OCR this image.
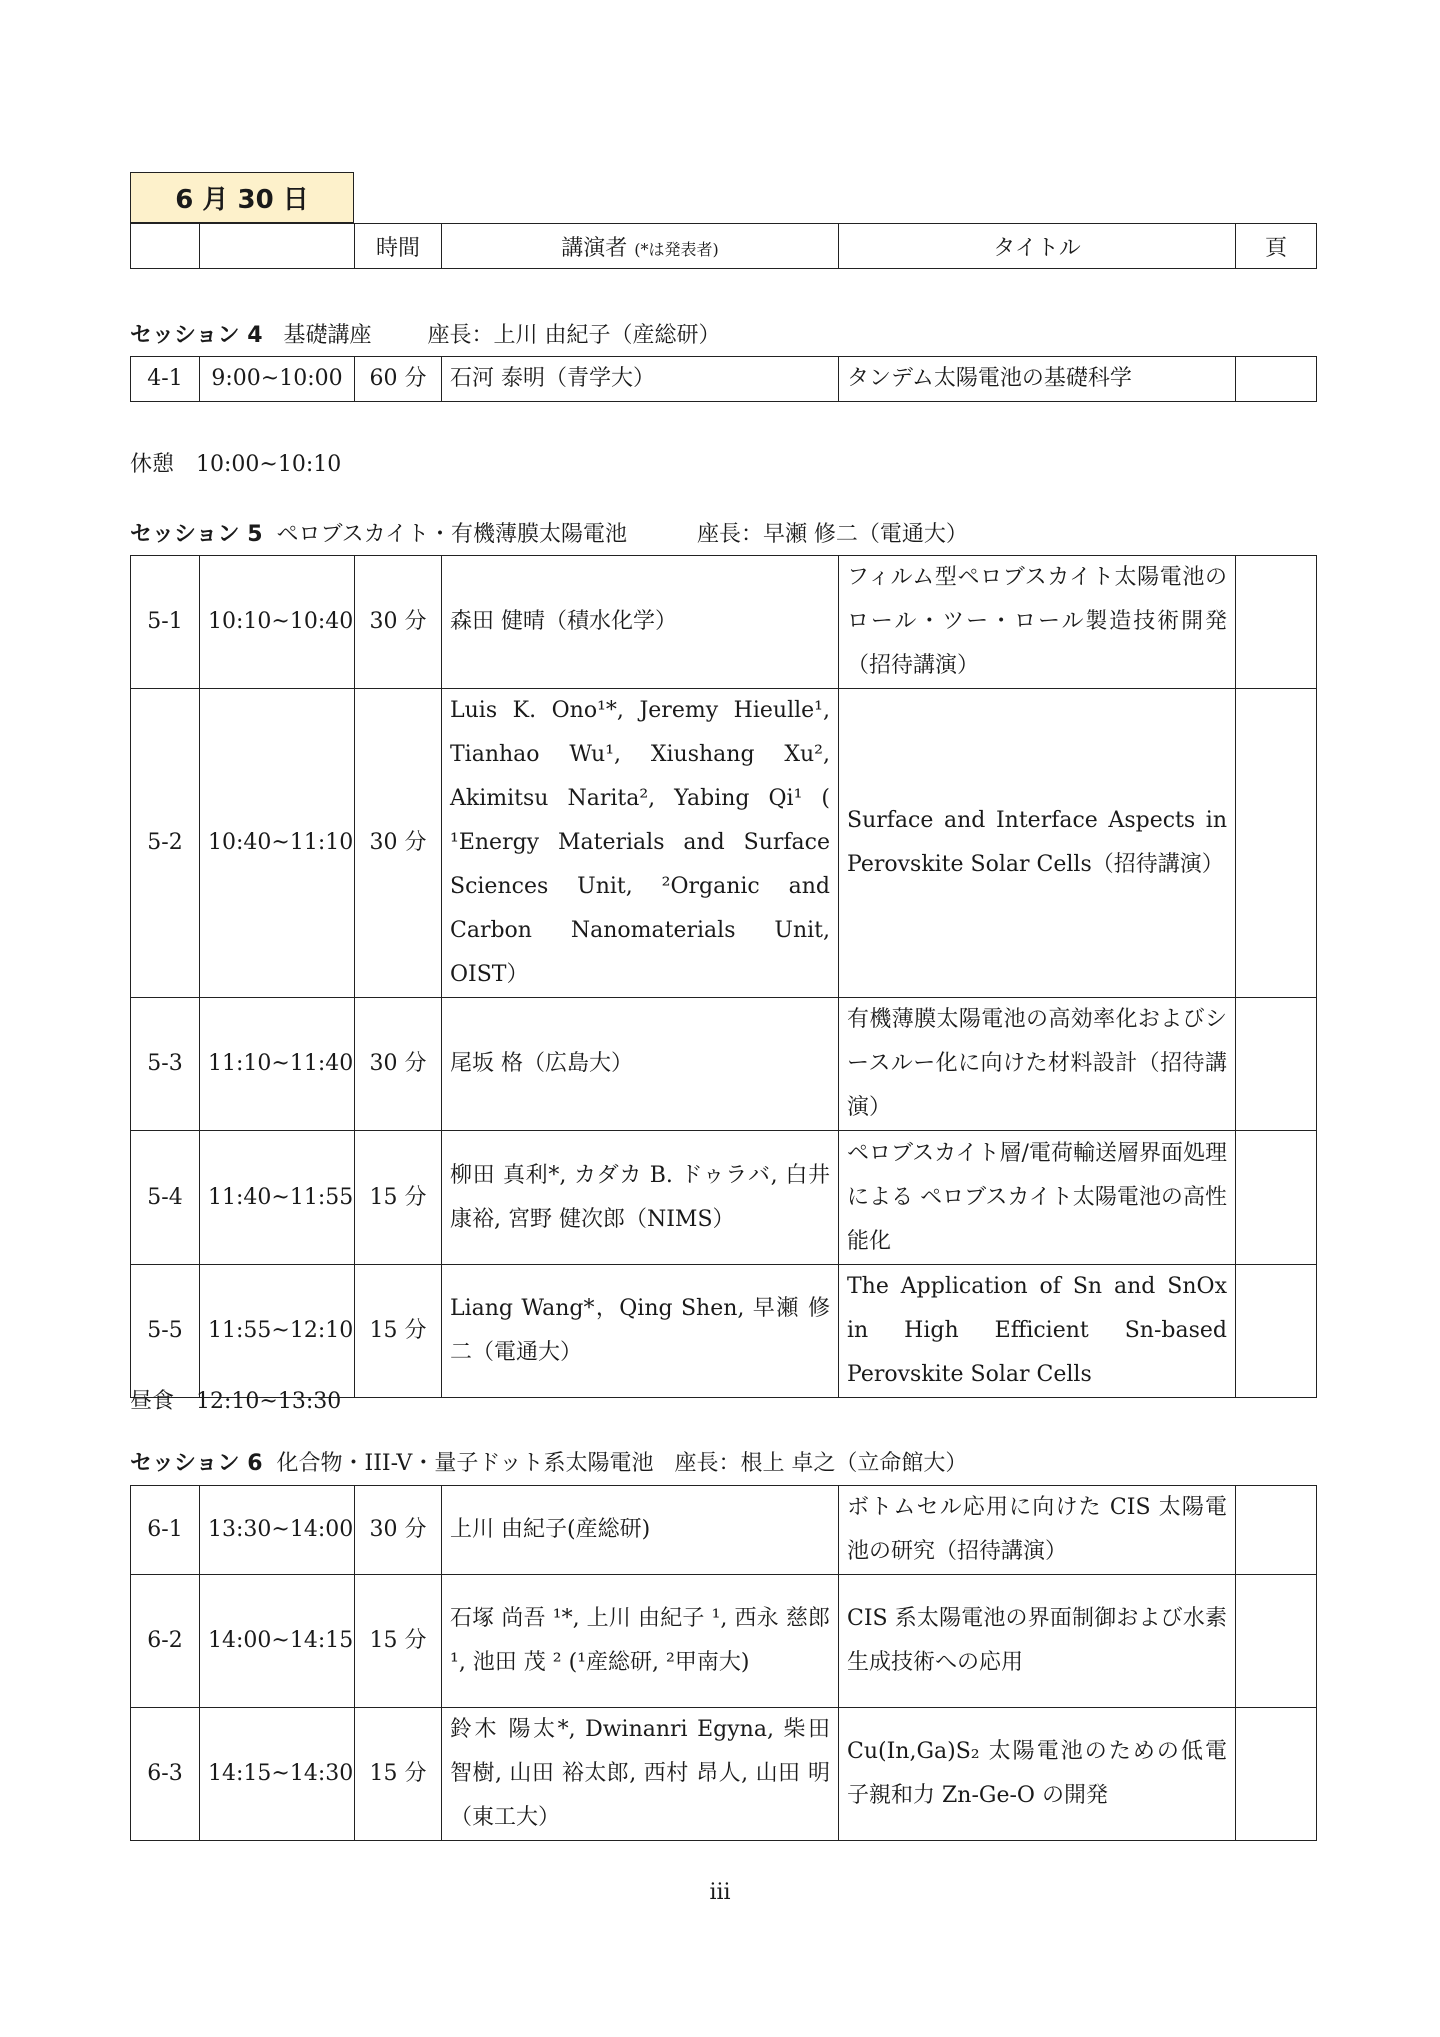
6 月 30 日
		時間	講演者 (*は発表者)	タイトル	頁
セッション 4 基礎講座	座長：上川 由紀子（産総研）
4-1	9:00~10:00	60 分	石河 泰明（青学大）	タンデム太陽電池の基礎科学	
休憩　10:00~10:10
セッション 5 ペロブスカイト・有機薄膜太陽電池	座長：早瀬 修二（電通大）
5-1	10:10~10:40	30 分	森田 健晴（積水化学）	フィルム型ペロブスカイト太陽電池のロール・ツー・ロール製造技術開発（招待講演）	
5-2	10:40~11:10	30 分	Luis K. Ono¹*, Jeremy Hieulle¹, Tianhao Wu¹, Xiushang Xu², Akimitsu Narita², Yabing Qi¹ ( ¹Energy Materials and Surface Sciences Unit, ²Organic and Carbon Nanomaterials Unit, OIST）	Surface and Interface Aspects in Perovskite Solar Cells（招待講演）	
5-3	11:10~11:40	30 分	尾坂 格（広島大）	有機薄膜太陽電池の高効率化およびシースルー化に向けた材料設計（招待講演）	
5-4	11:40~11:55	15 分	柳田 真利*, カダカ B. ドゥラバ, 白井 康裕, 宮野 健次郎（NIMS）	ペロブスカイト層/電荷輸送層界面処理による ペロブスカイト太陽電池の高性能化	
5-5	11:55~12:10	15 分	Liang Wang*，Qing Shen, 早瀬 修二（電通大）	The Application of Sn and SnOx in High Efficient Sn-based Perovskite Solar Cells	
昼食　12:10~13:30
セッション 6 化合物・III-V・量子ドット系太陽電池 座長：根上 卓之（立命館大）
6-1	13:30~14:00	30 分	上川 由紀子(産総研)	ボトムセル応用に向けた CIS 太陽電池の研究（招待講演）	
6-2	14:00~14:15	15 分	石塚 尚吾 ¹*, 上川 由紀子 ¹, 西永 慈郎 ¹, 池田 茂 ² (¹産総研, ²甲南大)	CIS 系太陽電池の界面制御および水素生成技術への応用	
6-3	14:15~14:30	15 分	鈴木 陽太*, Dwinanri Egyna, 柴田 智樹, 山田 裕太郎, 西村 昂人, 山田 明（東工大）	Cu(In,Ga)S₂ 太陽電池のための低電子親和力 Zn-Ge-O の開発	
iii
